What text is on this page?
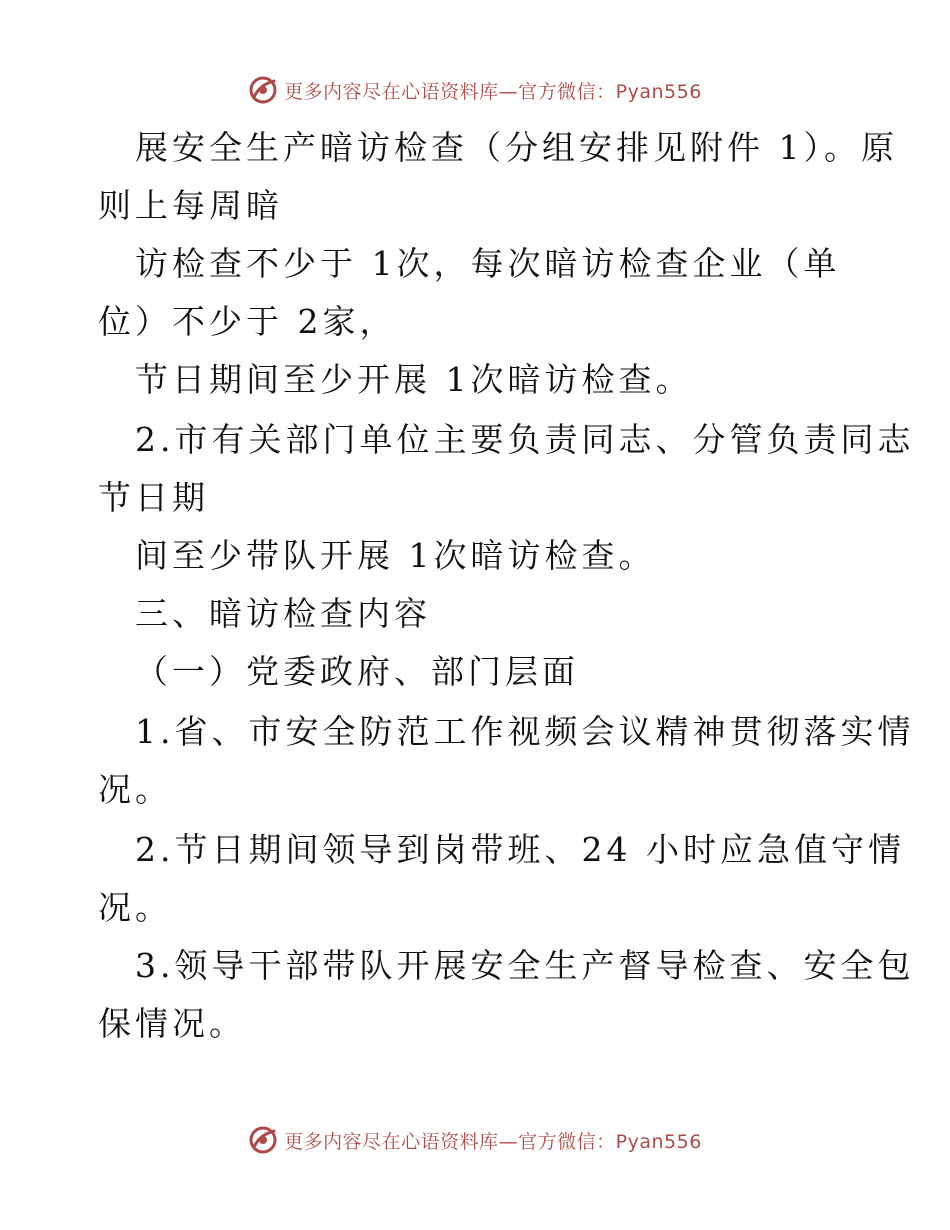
更多内容尽在心语资料库—官方微信：Pyan556
展安全生产暗访检查（分组安排见附件 1）。原
则上每周暗
访检查不少于 1次，每次暗访检查企业（单
位）不少于 2家，
节日期间至少开展 1次暗访检查。
2.市有关部门单位主要负责同志、分管负责同志
节日期
间至少带队开展 1次暗访检查。
三、暗访检查内容
（一）党委政府、部门层面
1.省、市安全防范工作视频会议精神贯彻落实情
况。
2.节日期间领导到岗带班、24 小时应急值守情
况。
3.领导干部带队开展安全生产督导检查、安全包
保情况。
更多内容尽在心语资料库—官方微信：Pyan556
